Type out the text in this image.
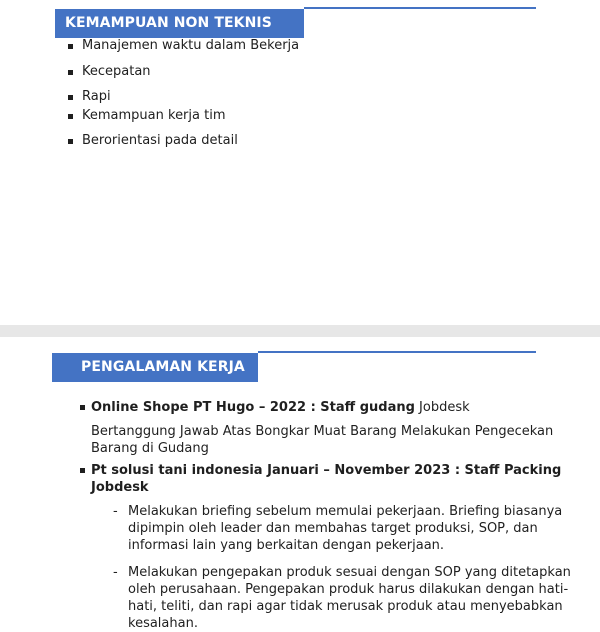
KEMAMPUAN NON TEKNIS
Manajemen waktu dalam Bekerja
Kecepatan
Rapi
Kemampuan kerja tim
Berorientasi pada detail
PENGALAMAN KERJA
Online Shope PT Hugo – 2022 : Staff gudang Jobdesk
Bertanggung Jawab Atas Bongkar Muat Barang Melakukan Pengecekan Barang di Gudang
Pt solusi tani indonesia Januari – November 2023 : Staff Packing Jobdesk
- Melakukan briefing sebelum memulai pekerjaan. Briefing biasanya dipimpin oleh leader dan membahas target produksi, SOP, dan informasi lain yang berkaitan dengan pekerjaan.
- Melakukan pengepakan produk sesuai dengan SOP yang ditetapkan oleh perusahaan. Pengepakan produk harus dilakukan dengan hati-hati, teliti, dan rapi agar tidak merusak produk atau menyebabkan kesalahan.
